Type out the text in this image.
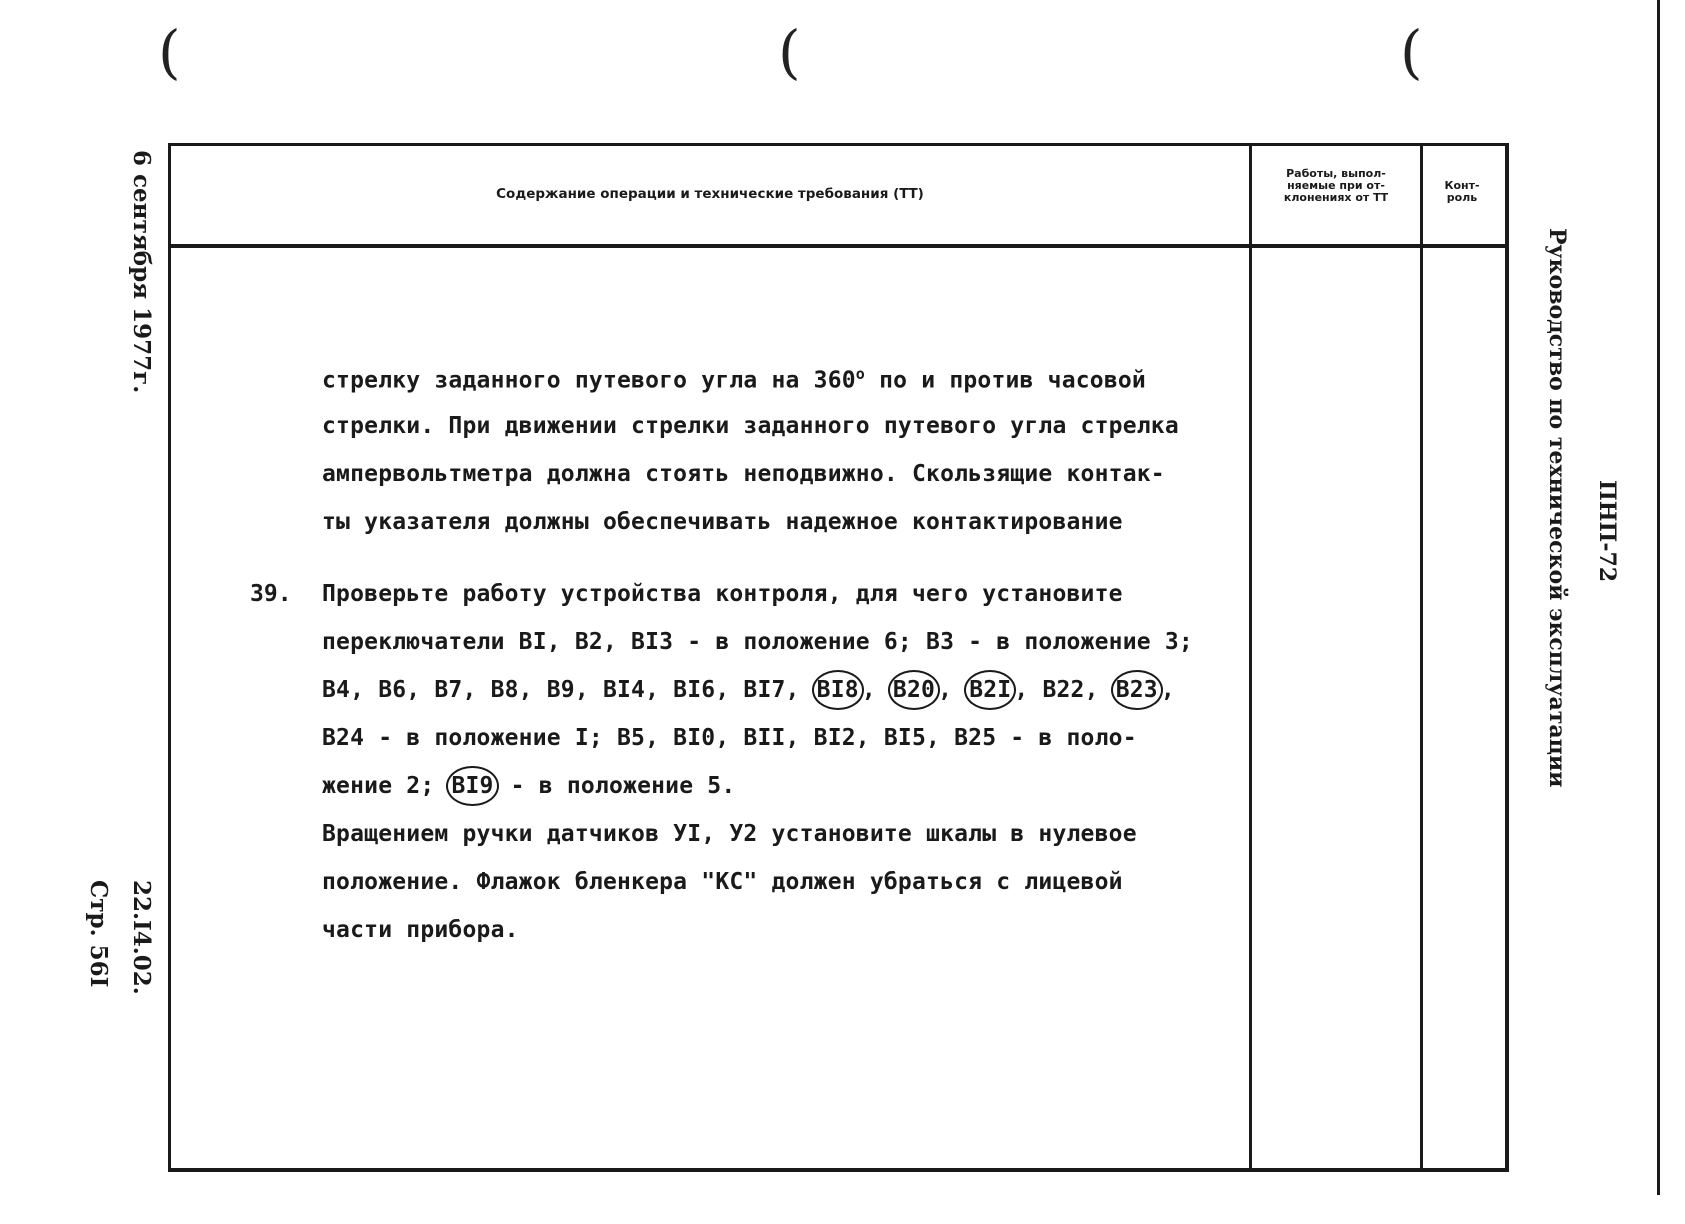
(	(	(
Содержание операции и технические требования (ТТ)
Работы, выпол-
няемые при от-
клонениях от ТТ
Конт-
роль
стрелку заданного путевого угла на $360^о$ по и против часовой
стрелки. При движении стрелки заданного путевого угла стрелка
ампервольтметра должна стоять неподвижно. Скользящие контак-
ты указателя должны обеспечивать надежное контактирование
39. Проверьте работу устройства контроля, для чего установите
переключатели BI, B2, BI3 - в положение 6; B3 - в положение 3;
B4, B6, B7, B8, B9, BI4, BI6, BI7, BI8 , B20 , B2I , B22, B23 ,
B24 - в положение I; B5, BI0, BII, BI2, BI5, B25 - в поло-
жение 2; BI9 - в положение 5.
Вращением ручки датчиков УI, У2 установите шкалы в нулевое
положение. Флажок бленкера "КС" должен убраться с лицевой
части прибора.
6 сентября 1977г.
22.I4.02.
Стр. 56I
Руководство по технической эксплуатации ПНП-72
